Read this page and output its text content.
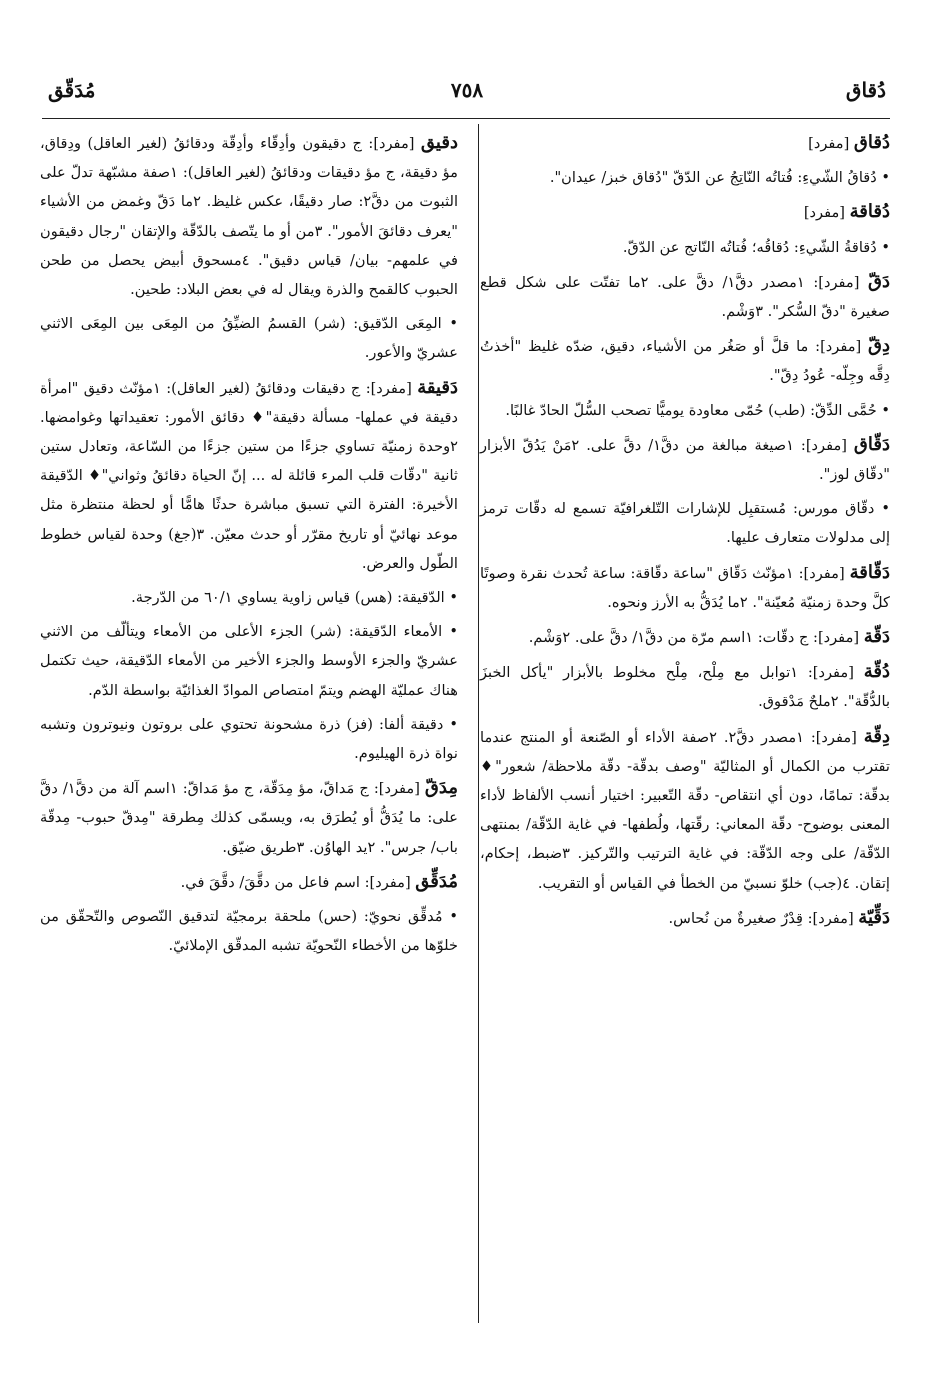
دُقاق
٧٥٨
مُدَقّق
دُقاق [مفرد]
• دُقاقُ الشّيءِ: فُتاتُه النّاتِجُ عن الدّقّ "دُقاق خبز/ عيدان".
دُقاقة [مفرد]
• دُقاقةُ الشّيءِ: دُقاقُه؛ فُتاتُه النّاتج عن الدّقّ.
دَقّ [مفرد]: ١مصدر دقَّ١/ دقَّ على. ٢ما تفتّت على شكل قطع صغيرة "دقّ السُّكر". ٣وَشْم.
دِقّ [مفرد]: ما قلَّ أو صَغُر من الأشياء، دقيق، ضدّه غليظ "أخذتُ دِقَّه وجِلّه- عُودُ دِقّ".
• حُمَّى الدِّقّ: (طب) حُمّى معاودة يوميًّا تصحب السُّلّ الحادّ غالبًا.
دَقّاق [مفرد]: ١صيغة مبالغة من دقَّ١/ دقَّ على. ٢مَنْ يَدُقّ الأبزار "دقّاق لوز".
• دقّاق مورس: مُستقبِل للإشارات التّلغرافيّة تسمع له دقّات ترمز إلى مدلولات متعارف عليها.
دَقّاقة [مفرد]: ١مؤنّث دَقّاق "ساعة دقّاقة: ساعة تُحدث نقرة وصوتًا كلَّ وحدة زمنيّة مُعيّنة". ٢ما يُدَقُّ به الأرز ونحوه.
دَقّة [مفرد]: ج دقّات: ١اسم مرّة من دقَّ١/ دقَّ على. ٢وَشْم.
دُقّة [مفرد]: ١توابل مع مِلْح، مِلْح مخلوط بالأبزار "يأكل الخبزَ بالدُّقّة". ٢ملحٌ مَدْقوق.
دِقّة [مفرد]: ١مصدر دقَّ٢. ٢صفة الأداء أو الصّنعة أو المنتج عندما تقترب من الكمال أو المثاليّة "وصف بدقّة- دقّة ملاحظة/ شعور"♦ بدقّة: تمامًا، دون أي انتقاص- دقّة التّعبير: اختيار أنسب الألفاظ لأداء المعنى بوضوح- دقّة المعاني: رقّتها، ولُطفها- في غاية الدّقّة/ بمنتهى الدّقّة/ على وجه الدّقّة: في غاية الترتيب والتّركيز. ٣ضبط، إحكام، إتقان. ٤(جب) خلوّ نسبيّ من الخطأ في القياس أو التقريب.
دَقِّيّة [مفرد]: قِدْرٌ صغيرةٌ من نُحاس.
دقيق [مفرد]: ج دقيقون وأدِقّاء وأدِقّة ودقائقُ (لغير العاقل) ودِقاق، مؤ دقيقة، ج مؤ دقيقات ودقائقُ (لغير العاقل): ١صفة مشبّهة تدلّ على الثبوت من دقَّ٢: صار دقيقًا، عكس غليظ. ٢ما دَقّ وغمض من الأشياء "يعرف دقائقَ الأمور". ٣من أو ما يتّصف بالدّقّة والإتقان "رجال دقيقون في علمهم- بيان/ قياس دقيق". ٤مسحوق أبيض يحصل من طحن الحبوب كالقمح والذرة ويقال له في بعض البلاد: طحين.
• المِعَى الدّقيق: (شر) القسمُ الضيِّقُ من المِعَى بين المِعَى الاثني عشريّ والأعور.
دَقيقة [مفرد]: ج دقيقات ودقائقُ (لغير العاقل): ١مؤنّث دقيق "امرأة دقيقة في عملها- مسألة دقيقة"♦ دقائق الأمور: تعقيداتها وغوامضها. ٢وحدة زمنيّة تساوي جزءًا من ستين جزءًا من السّاعة، وتعادل ستين ثانية "دقّات قلب المرء قائلة له ... إنّ الحياة دقائقُ وثواني"♦ الدّقيقة الأخيرة: الفترة التي تسبق مباشرة حدثًا هامًّا أو لحظة منتظرة مثل موعد نهائيّ أو تاريخ مقرّر أو حدث معيّن. ٣(جغ) وحدة لقياس خطوط الطّول والعرض.
• الدّقيقة: (هس) قياس زاوية يساوي ٦٠/١ من الدّرجة.
• الأمعاء الدّقيقة: (شر) الجزء الأعلى من الأمعاء ويتألّف من الاثني عشريّ والجزء الأوسط والجزء الأخير من الأمعاء الدّقيقة، حيث تكتمل هناك عمليّة الهضم ويتمّ امتصاص الموادّ الغذائيّة بواسطة الدّم.
• دقيقة ألفا: (فز) ذرة مشحونة تحتوي على بروتون ونيوترون وتشبه نواة ذرة الهيليوم.
مِدَقّ [مفرد]: ج مَداقّ، مؤ مِدَقّة، ج مؤ مَداقّ: ١اسم آلة من دقَّ١/ دقَّ على: ما يُدَقُّ أو يُطرَق به، ويسمّى كذلك مِطرقة "مِدقّ حبوب- مِدقّة باب/ جرس". ٢يد الهاوُن. ٣طريق ضيّق.
مُدَقِّق [مفرد]: اسم فاعل من دقَّقَ/ دقَّقَ في.
• مُدقِّق نحويّ: (حس) ملحقة برمجيّة لتدقيق النّصوص والتّحقّق من خلوّها من الأخطاء النّحويّة تشبه المدقّق الإملائيّ.
